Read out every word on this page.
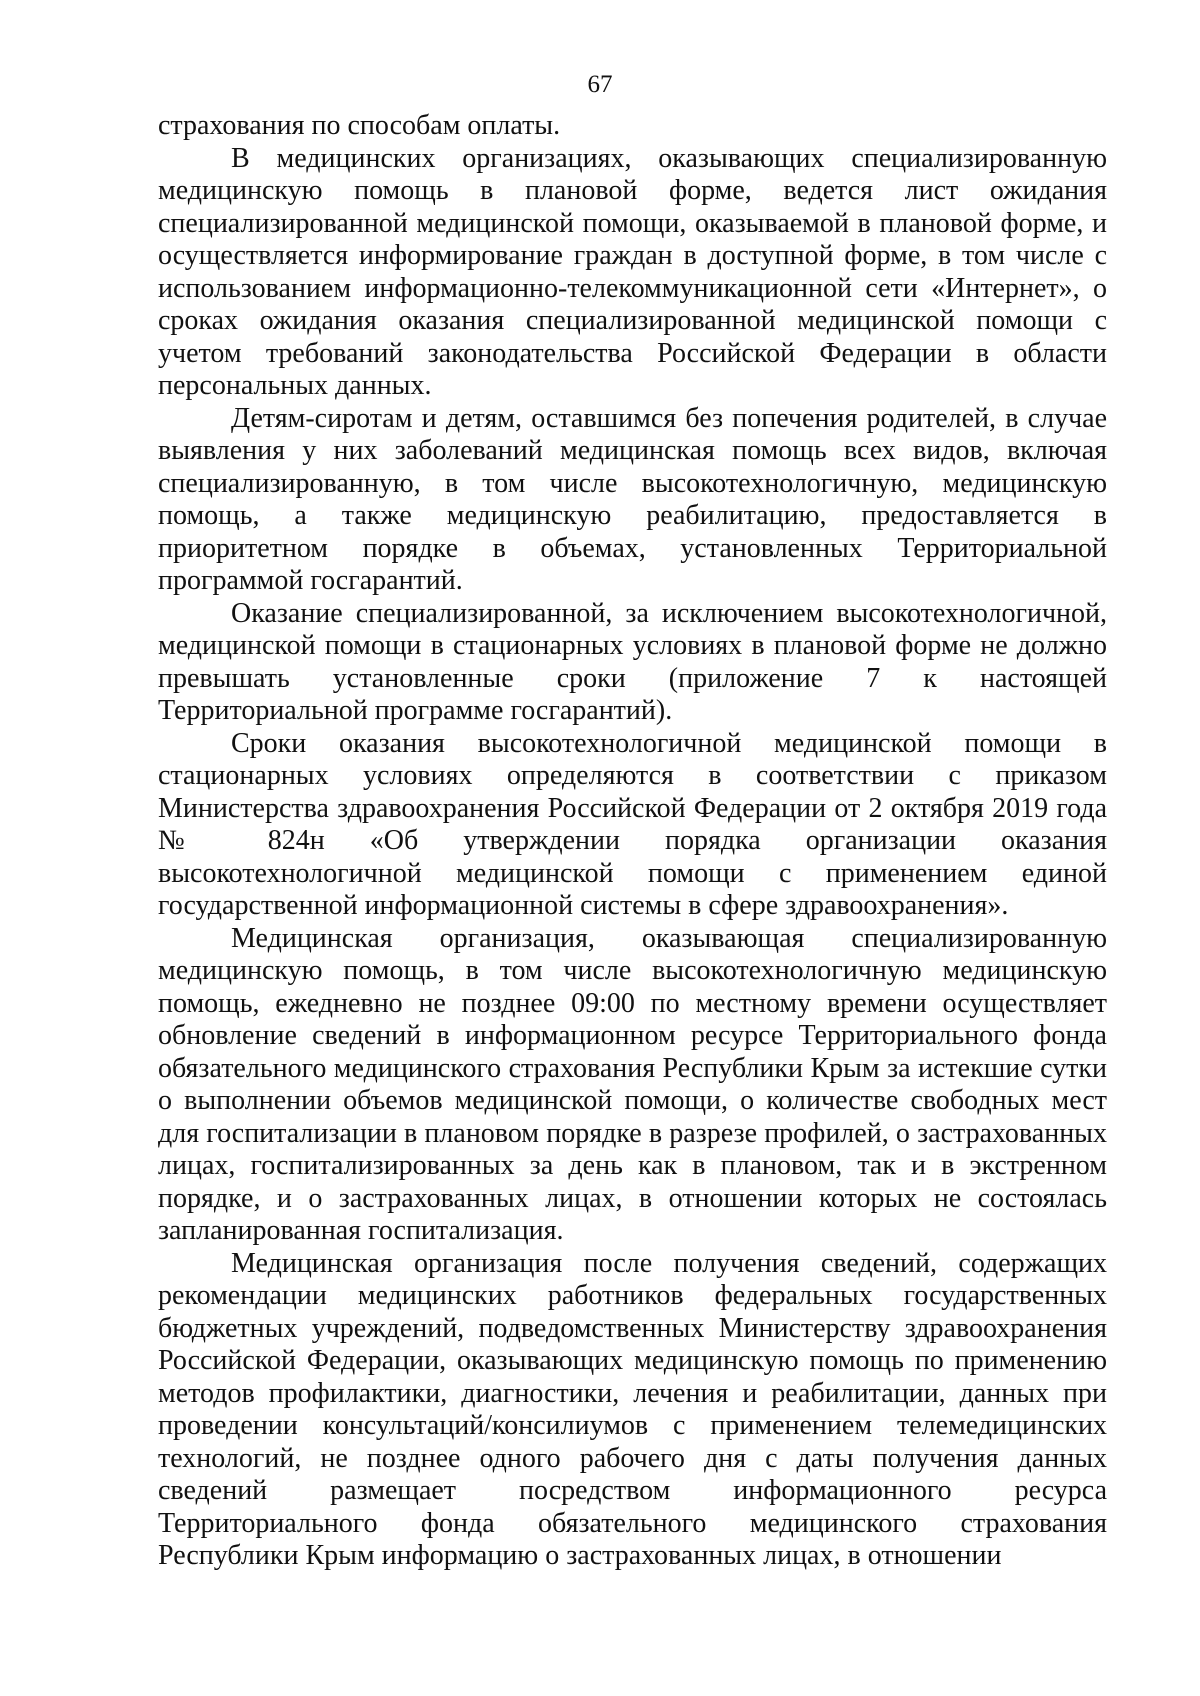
67

страхования по способам оплаты.

В медицинских организациях, оказывающих специализированную медицинскую помощь в плановой форме, ведется лист ожидания специализированной медицинской помощи, оказываемой в плановой форме, и осуществляется информирование граждан в доступной форме, в том числе с использованием информационно-телекоммуникационной сети «Интернет», о сроках ожидания оказания специализированной медицинской помощи с учетом требований законодательства Российской Федерации в области персональных данных.

Детям-сиротам и детям, оставшимся без попечения родителей, в случае выявления у них заболеваний медицинская помощь всех видов, включая специализированную, в том числе высокотехнологичную, медицинскую помощь, а также медицинскую реабилитацию, предоставляется в приоритетном порядке в объемах, установленных Территориальной программой госгарантий.

Оказание специализированной, за исключением высокотехнологичной, медицинской помощи в стационарных условиях в плановой форме не должно превышать установленные сроки (приложение 7 к настоящей Территориальной программе госгарантий).

Сроки оказания высокотехнологичной медицинской помощи в стационарных условиях определяются в соответствии с приказом Министерства здравоохранения Российской Федерации от 2 октября 2019 года № 824н «Об утверждении порядка организации оказания высокотехнологичной медицинской помощи с применением единой государственной информационной системы в сфере здравоохранения».

Медицинская организация, оказывающая специализированную медицинскую помощь, в том числе высокотехнологичную медицинскую помощь, ежедневно не позднее 09:00 по местному времени осуществляет обновление сведений в информационном ресурсе Территориального фонда обязательного медицинского страхования Республики Крым за истекшие сутки о выполнении объемов медицинской помощи, о количестве свободных мест для госпитализации в плановом порядке в разрезе профилей, о застрахованных лицах, госпитализированных за день как в плановом, так и в экстренном порядке, и о застрахованных лицах, в отношении которых не состоялась запланированная госпитализация.

Медицинская организация после получения сведений, содержащих рекомендации медицинских работников федеральных государственных бюджетных учреждений, подведомственных Министерству здравоохранения Российской Федерации, оказывающих медицинскую помощь по применению методов профилактики, диагностики, лечения и реабилитации, данных при проведении консультаций/консилиумов с применением телемедицинских технологий, не позднее одного рабочего дня с даты получения данных сведений размещает посредством информационного ресурса Территориального фонда обязательного медицинского страхования Республики Крым информацию о застрахованных лицах, в отношении
